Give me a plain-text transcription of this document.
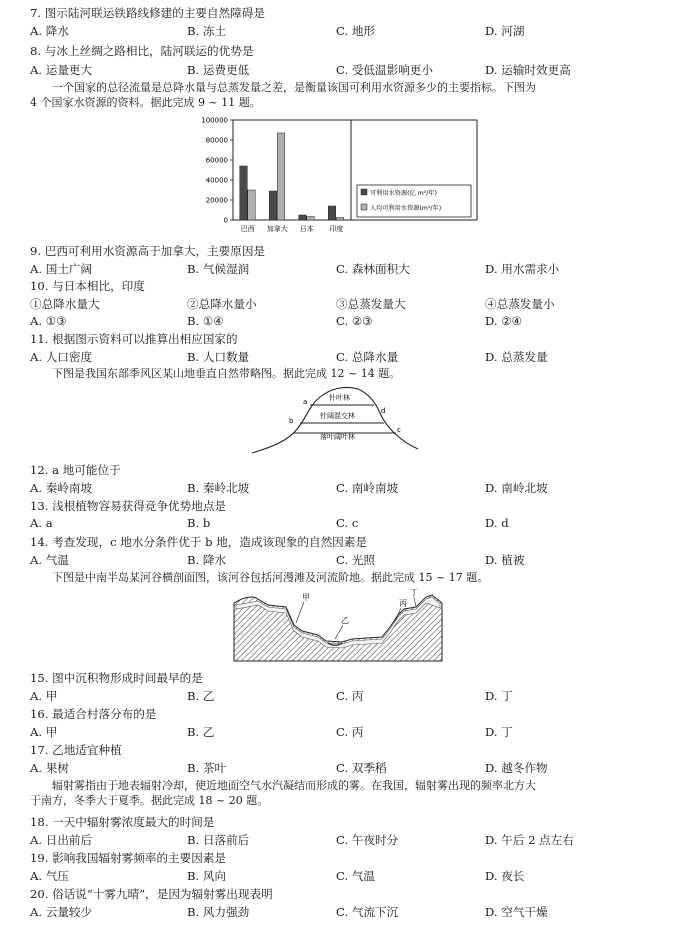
7. 图示陆河联运铁路线修建的主要自然障碍是
A. 降水	B. 冻土	C. 地形	D. 河湖
8. 与冰上丝绸之路相比，陆河联运的优势是
A. 运量更大	B. 运费更低	C. 受低温影响更小	D. 运输时效更高

一个国家的总径流量是总降水量与总蒸发量之差，是衡量该国可利用水资源多少的主要指标。下图为

4 个国家水资源的资料。据此完成 9 ~ 11 题。

0
20000
40000
60000
80000
100000
巴西 加拿大 日本 印度
可利用水资源(亿 m³/年)
人均可利用水资源(m³/年)
9. 巴西可利用水资源高于加拿大，主要原因是
A. 国土广阔	B. 气候湿润	C. 森林面积大	D. 用水需求小
10. 与日本相比，印度
①总降水量大	②总降水量小	③总蒸发量大	④总蒸发量小
A. ①③	B. ①④	C. ②③	D. ②④
11. 根据图示资料可以推算出相应国家的
A. 人口密度	B. 人口数量	C. 总降水量	D. 总蒸发量

下图是我国东部季风区某山地垂直自然带略图。据此完成 12 ~ 14 题。

针叶林
针阔混交林
落叶阔叶林
a
b
c
d
12. a 地可能位于
A. 秦岭南坡	B. 秦岭北坡	C. 南岭南坡	D. 南岭北坡
13. 浅根植物容易获得竞争优势地点是
A. a	B. b	C. c	D. d
14. 考查发现，c 地水分条件优于 b 地，造成该现象的自然因素是
A. 气温	B. 降水	C. 光照	D. 植被

下图是中南半岛某河谷横剖面图，该河谷包括河漫滩及河流阶地。据此完成 15 ~ 17 题。

甲
乙
丙
丁
15. 图中沉积物形成时间最早的是
A. 甲	B. 乙	C. 丙	D. 丁
16. 最适合村落分布的是
A. 甲	B. 乙	C. 丙	D. 丁
17. 乙地适宜种植
A. 果树	B. 茶叶	C. 双季稻	D. 越冬作物

辐射雾指由于地表辐射冷却，使近地面空气水汽凝结而形成的雾。在我国，辐射雾出现的频率北方大

于南方，冬季大于夏季。据此完成 18 ~ 20 题。

18. 一天中辐射雾浓度最大的时间是
A. 日出前后	B. 日落前后	C. 午夜时分	D. 午后 2 点左右
19. 影响我国辐射雾频率的主要因素是
A. 气压	B. 风向	C. 气温	D. 夜长
20. 俗话说“十雾九晴”，是因为辐射雾出现表明
A. 云量较少	B. 风力强劲	C. 气流下沉	D. 空气干燥
